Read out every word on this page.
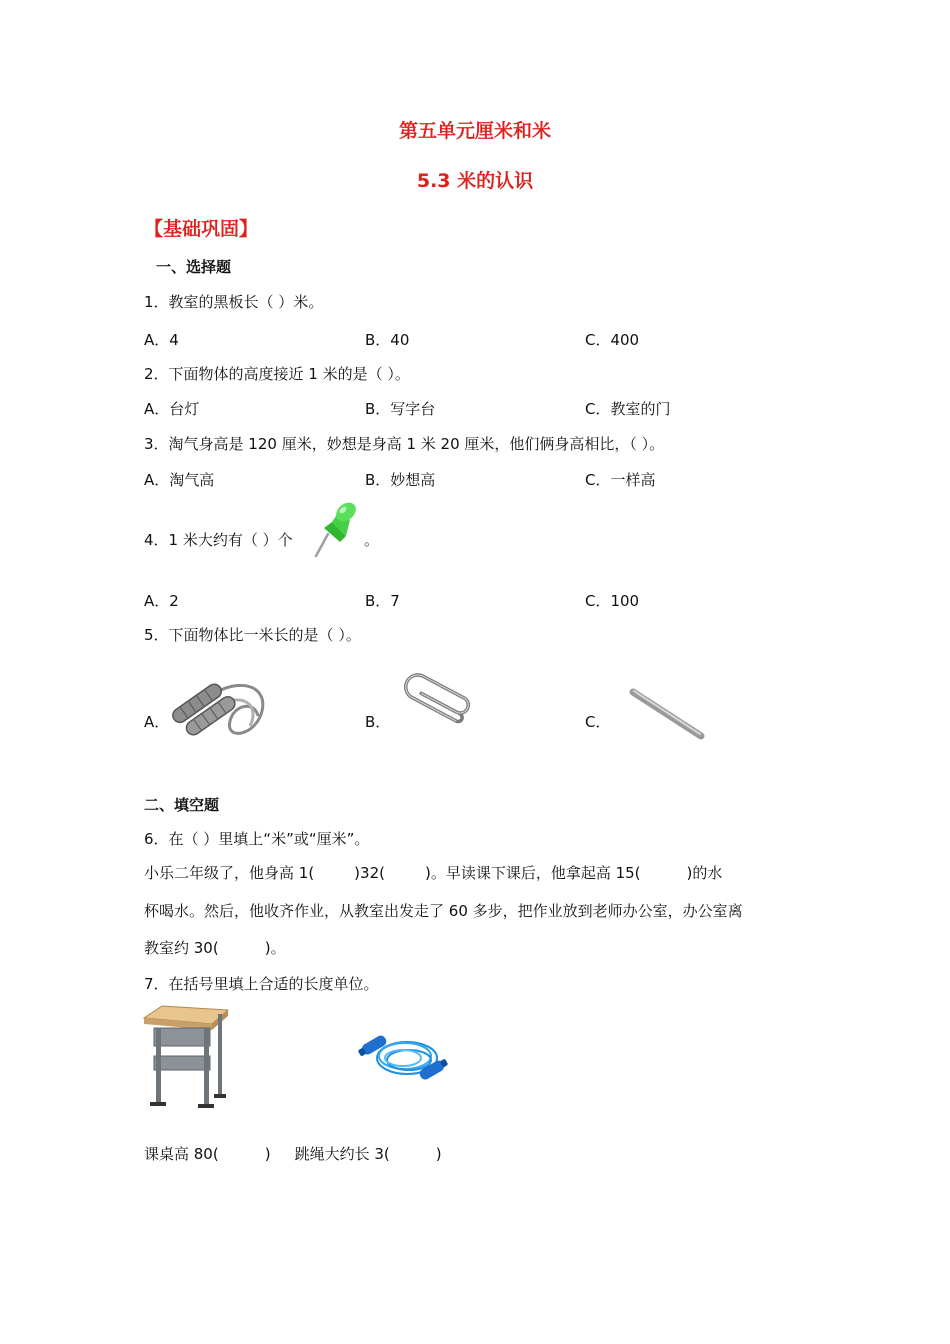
第五单元厘米和米
5.3 米的认识
【基础巩固】
一、选择题
1．教室的黑板长（ ）米。
A．4	B．40	C．400
2．下面物体的高度接近 1 米的是（ ）。
A．台灯	B．写字台	C．教室的门
3．淘气身高是 120 厘米，妙想是身高 1 米 20 厘米，他们俩身高相比，（ ）。
A．淘气高	B．妙想高	C．一样高
4．1 米大约有（ ）个	。
A．2	B．7	C．100
5．下面物体比一米长的是（ ）。
A．	B．	C．
二、填空题
6．在（ ）里填上“米”或“厘米”。
小乐二年级了，他身高 1(	)32(	)。早读课下课后，他拿起高 15(	)的水
杯喝水。然后，他收齐作业，从教室出发走了 60 多步，把作业放到老师办公室，办公室离
教室约 30(	)。
7．在括号里填上合适的长度单位。
课桌高 80(	) 跳绳大约长 3(	)
